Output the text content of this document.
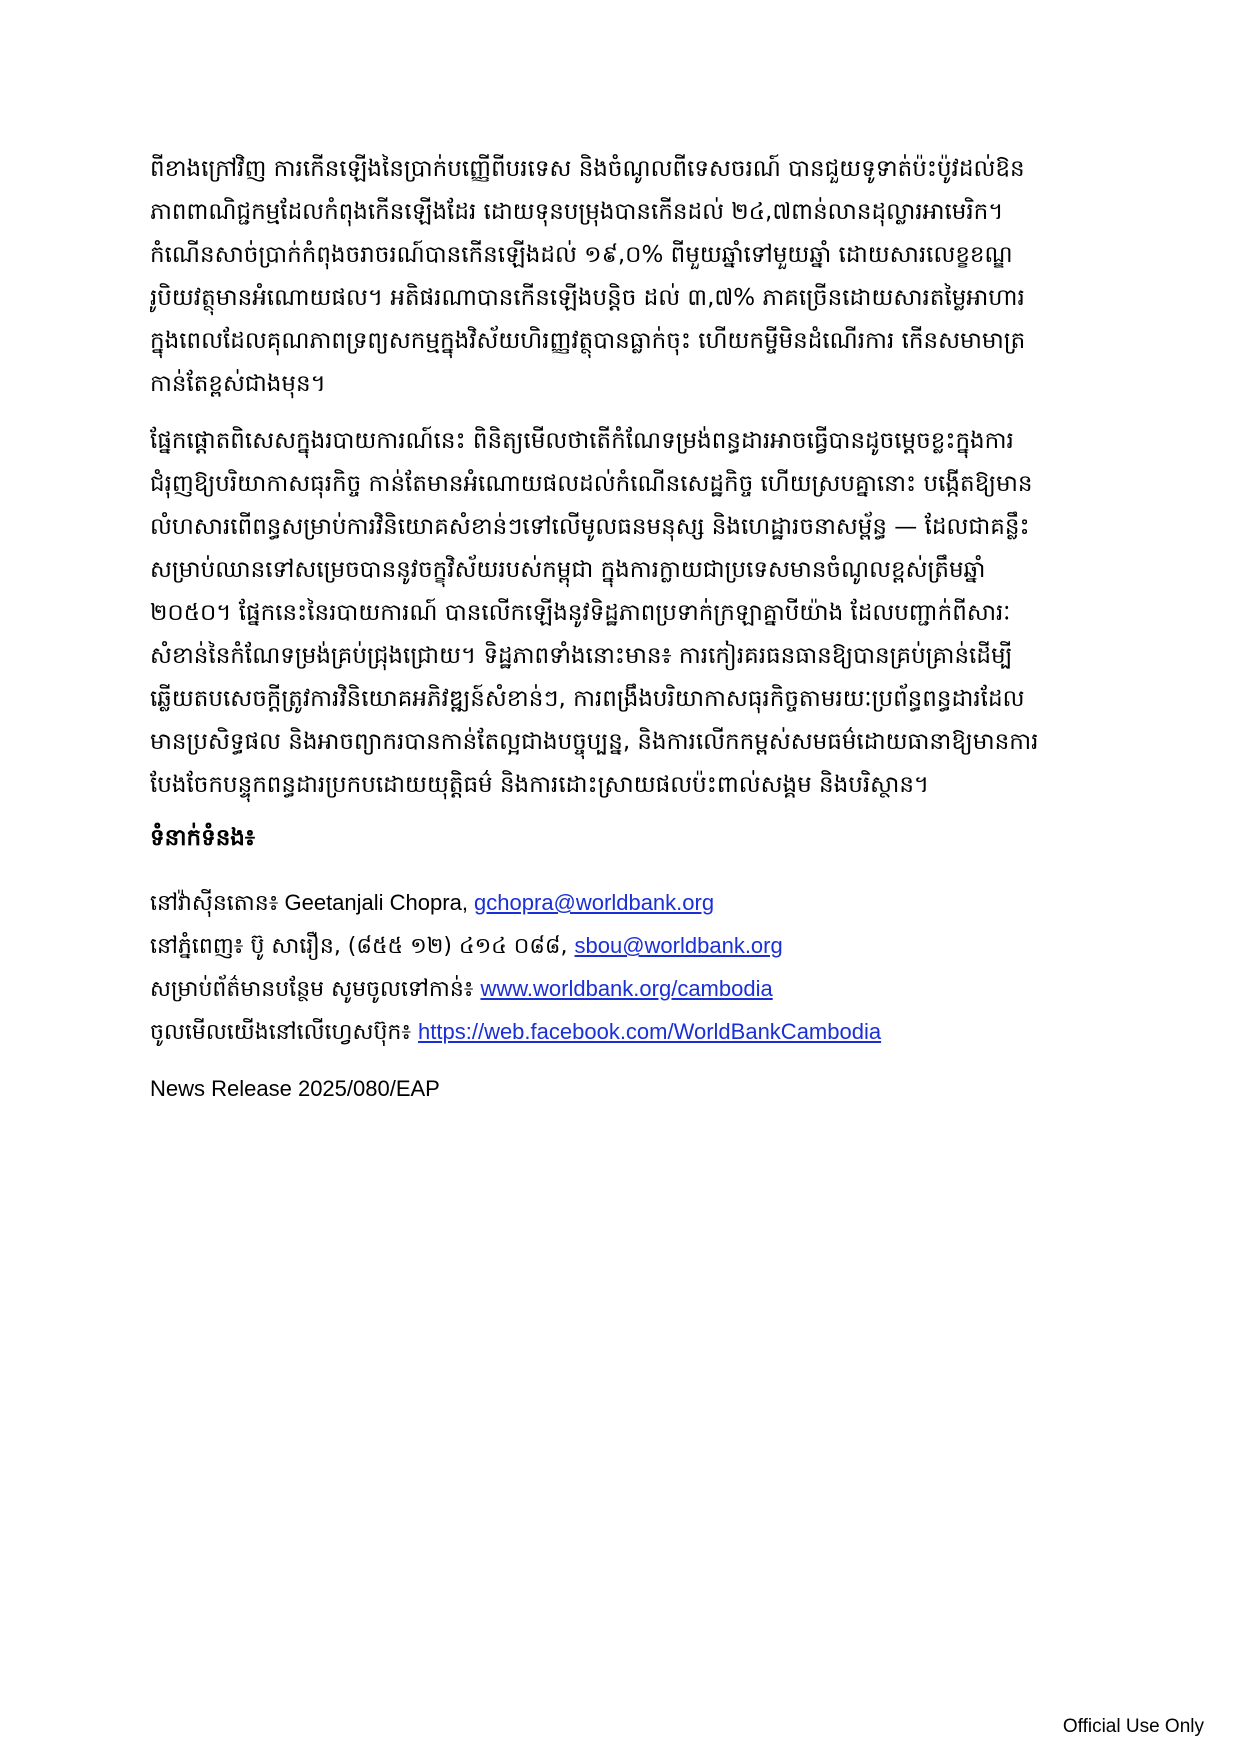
ពីខាងក្រៅវិញ ការកើនឡើងនៃប្រាក់បញ្ញើពីបរទេស និងចំណូលពីទេសចរណ៍ បានជួយទូទាត់ប៉ះប៉ូវដល់ឱន
ភាពពាណិជ្ជកម្មដែលកំពុងកើនឡើងដែរ ដោយទុនបម្រុងបានកើនដល់ ២៤,៧ពាន់លានដុល្លារអាមេរិក។
កំណើនសាច់ប្រាក់កំពុងចរាចរណ៍បានកើនឡើងដល់ ១៩,០% ពីមួយឆ្នាំទៅមួយឆ្នាំ ដោយសារលេខ្ខខណ្ឌ
រូបិយវត្ថុមានអំណោយផល។ អតិផរណាបានកើនឡើងបន្តិច ដល់ ៣,៧% ភាគច្រើនដោយសារតម្លៃអាហារ
ក្នុងពេលដែលគុណភាពទ្រព្យសកម្មក្នុងវិស័យហិរញ្ញវត្ថុបានធ្លាក់ចុះ ហើយកម្ចីមិនដំណើរការ កើនសមាមាត្រ
កាន់តែខ្ពស់ជាងមុន។

ផ្នែកផ្តោតពិសេសក្នុងរបាយការណ៍នេះ ពិនិត្យមើលថាតើកំណែទម្រង់ពន្ធដារអាចធ្វើបានដូចម្តេចខ្លះក្នុងការ
ជំរុញឱ្យបរិយាកាសធុរកិច្ច កាន់តែមានអំណោយផលដល់កំណើនសេដ្ឋកិច្ច ហើយស្របគ្នានោះ បង្កើតឱ្យមាន
លំហសារពើពន្ធសម្រាប់ការវិនិយោគសំខាន់ៗទៅលើមូលធនមនុស្ស និងហេដ្ឋារចនាសម្ព័ន្ធ — ដែលជាគន្លឹះ
សម្រាប់ឈានទៅសម្រេចបាននូវចក្ខុវិស័យរបស់កម្ពុជា ក្នុងការក្លាយជាប្រទេសមានចំណូលខ្ពស់ត្រឹមឆ្នាំ
២០៥០។ ផ្នែកនេះនៃរបាយការណ៍ បានលើកឡើងនូវទិដ្ឋភាពប្រទាក់ក្រឡាគ្នាបីយ៉ាង ដែលបញ្ជាក់ពីសារៈ
សំខាន់នៃកំណែទម្រង់គ្រប់ជ្រុងជ្រោយ។ ទិដ្ឋភាពទាំងនោះមាន៖ ការកៀរគរធនធានឱ្យបានគ្រប់គ្រាន់ដើម្បី
ឆ្លើយតបសេចក្តីត្រូវការវិនិយោគអភិវឌ្ឍន៍សំខាន់ៗ, ការពង្រឹងបរិយាកាសធុរកិច្ចតាមរយៈប្រព័ន្ធពន្ធដារដែល
មានប្រសិទ្ធផល និងអាចព្យាករបានកាន់តែល្អជាងបច្ចុប្បន្ន, និងការលើកកម្ពស់សមធម៌ដោយធានាឱ្យមានការ
បែងចែកបន្ទុកពន្ធដារប្រកបដោយយុត្តិធម៌ និងការដោះស្រាយផលប៉ះពាល់សង្គម និងបរិស្ថាន។

ទំនាក់ទំនង៖
នៅវ៉ាស៊ីនតោន៖ Geetanjali Chopra, gchopra@worldbank.org
នៅភ្នំពេញ៖ ប៊ូ សារឿន, (៨៥៥ ១២) ៤១៤ ០៨៨, sbou@worldbank.org
សម្រាប់ព័ត៌មានបន្ថែម សូមចូលទៅកាន់៖ www.worldbank.org/cambodia
ចូលមើលយើងនៅលើហ្វេសប៊ុក៖ https://web.facebook.com/WorldBankCambodia
News Release 2025/080/EAP
Official Use Only
